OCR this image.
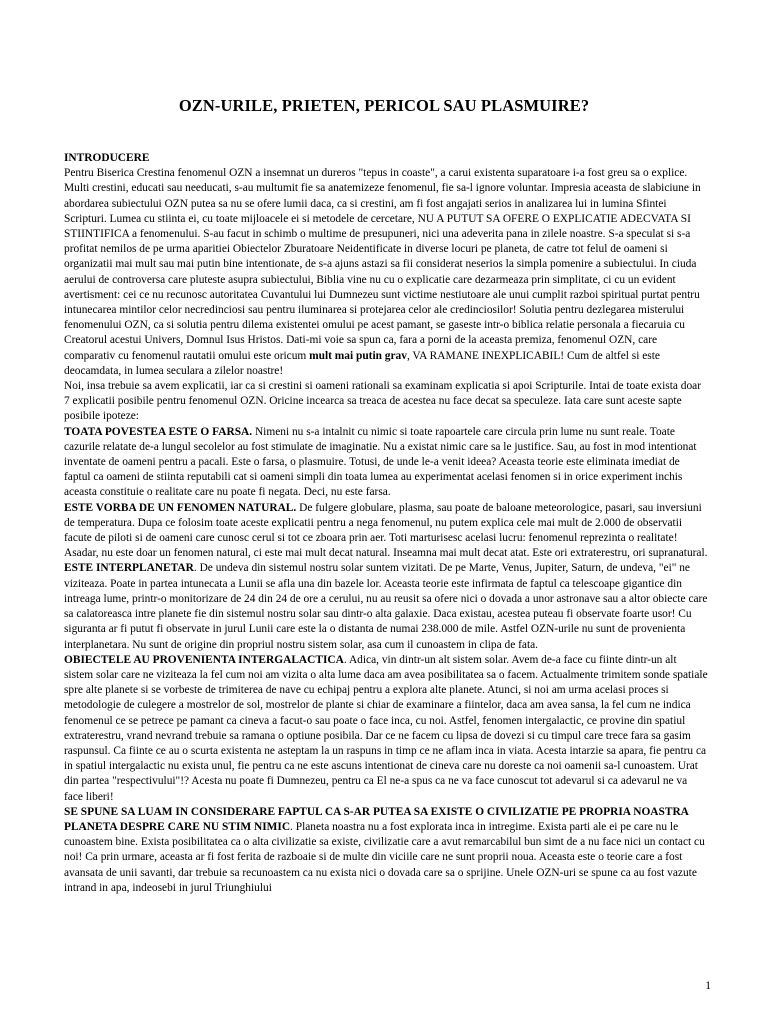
OZN-URILE, PRIETEN, PERICOL SAU PLASMUIRE?

INTRODUCERE

Pentru Biserica Crestina fenomenul OZN a insemnat un dureros "tepus in coaste", a carui existenta suparatoare i-a fost greu sa o explice. Multi crestini, educati sau needucati, s-au multumit fie sa anatemizeze fenomenul, fie sa-l ignore voluntar. Impresia aceasta de slabiciune in abordarea subiectului OZN putea sa nu se ofere lumii daca, ca si crestini, am fi fost angajati serios in analizarea lui in lumina Sfintei Scripturi. Lumea cu stiinta ei, cu toate mijloacele ei si metodele de cercetare, NU A PUTUT SA OFERE O EXPLICATIE ADECVATA SI STIINTIFICA a fenomenului. S-au facut in schimb o multime de presupuneri, nici una adeverita pana in zilele noastre. S-a speculat si s-a profitat nemilos de pe urma aparitiei Obiectelor Zburatoare Neidentificate in diverse locuri pe planeta, de catre tot felul de oameni si organizatii mai mult sau mai putin bine intentionate, de s-a ajuns astazi sa fii considerat neserios la simpla pomenire a subiectului. In ciuda aerului de controversa care pluteste asupra subiectului, Biblia vine nu cu o explicatie care dezarmeaza prin simplitate, ci cu un evident avertisment: cei ce nu recunosc autoritatea Cuvantului lui Dumnezeu sunt victime nestiutoare ale unui cumplit razboi spiritual purtat pentru intunecarea mintilor celor necredinciosi sau pentru iluminarea si protejarea celor ale credinciosilor! Solutia pentru dezlegarea misterului fenomenului OZN, ca si solutia pentru dilema existentei omului pe acest pamant, se gaseste intr-o biblica relatie personala a fiecaruia cu Creatorul acestui Univers, Domnul Isus Hristos. Dati-mi voie sa spun ca, fara a porni de la aceasta premiza, fenomenul OZN, care comparativ cu fenomenul rautatii omului este oricum mult mai putin grav, VA RAMANE INEXPLICABIL! Cum de altfel si este deocamdata, in lumea seculara a zilelor noastre!

Noi, insa trebuie sa avem explicatii, iar ca si crestini si oameni rationali sa examinam explicatia si apoi Scripturile. Intai de toate exista doar 7 explicatii posibile pentru fenomenul OZN. Oricine incearca sa treaca de acestea nu face decat sa speculeze. Iata care sunt aceste sapte posibile ipoteze:

TOATA POVESTEA ESTE O FARSA. Nimeni nu s-a intalnit cu nimic si toate rapoartele care circula prin lume nu sunt reale. Toate cazurile relatate de-a lungul secolelor au fost stimulate de imaginatie. Nu a existat nimic care sa le justifice. Sau, au fost in mod intentionat inventate de oameni pentru a pacali. Este o farsa, o plasmuire. Totusi, de unde le-a venit ideea? Aceasta teorie este eliminata imediat de faptul ca oameni de stiinta reputabili cat si oameni simpli din toata lumea au experimentat acelasi fenomen si in orice experiment inchis aceasta constituie o realitate care nu poate fi negata. Deci, nu este farsa.

ESTE VORBA DE UN FENOMEN NATURAL. De fulgere globulare, plasma, sau poate de baloane meteorologice, pasari, sau inversiuni de temperatura. Dupa ce folosim toate aceste explicatii pentru a nega fenomenul, nu putem explica cele mai mult de 2.000 de observatii facute de piloti si de oameni care cunosc cerul si tot ce zboara prin aer. Toti marturisesc acelasi lucru: fenomenul reprezinta o realitate!

Asadar, nu este doar un fenomen natural, ci este mai mult decat natural. Inseamna mai mult decat atat. Este ori extraterestru, ori supranatural.

ESTE INTERPLANETAR. De undeva din sistemul nostru solar suntem vizitati. De pe Marte, Venus, Jupiter, Saturn, de undeva, "ei" ne viziteaza. Poate in partea intunecata a Lunii se afla una din bazele lor. Aceasta teorie este infirmata de faptul ca telescoape gigantice din intreaga lume, printr-o monitorizare de 24 din 24 de ore a cerului, nu au reusit sa ofere nici o dovada a unor astronave sau a altor obiecte care sa calatoreasca intre planete fie din sistemul nostru solar sau dintr-o alta galaxie. Daca existau, acestea puteau fi observate foarte usor! Cu siguranta ar fi putut fi observate in jurul Lunii care este la o distanta de numai 238.000 de mile. Astfel OZN-urile nu sunt de provenienta interplanetara. Nu sunt de origine din propriul nostru sistem solar, asa cum il cunoastem in clipa de fata.

OBIECTELE AU PROVENIENTA INTERGALACTICA. Adica, vin dintr-un alt sistem solar. Avem de-a face cu fiinte dintr-un alt sistem solar care ne viziteaza la fel cum noi am vizita o alta lume daca am avea posibilitatea sa o facem. Actualmente trimitem sonde spatiale spre alte planete si se vorbeste de trimiterea de nave cu echipaj pentru a explora alte planete. Atunci, si noi am urma acelasi proces si metodologie de culegere a mostrelor de sol, mostrelor de plante si chiar de examinare a fiintelor, daca am avea sansa, la fel cum ne indica fenomenul ce se petrece pe pamant ca cineva a facut-o sau poate o face inca, cu noi. Astfel, fenomen intergalactic, ce provine din spatiul extraterestru, vrand nevrand trebuie sa ramana o optiune posibila. Dar ce ne facem cu lipsa de dovezi si cu timpul care trece fara sa gasim raspunsul. Ca fiinte ce au o scurta existenta ne asteptam la un raspuns in timp ce ne aflam inca in viata. Acesta intarzie sa apara, fie pentru ca in spatiul intergalactic nu exista unul, fie pentru ca ne este ascuns intentionat de cineva care nu doreste ca noi oamenii sa-l cunoastem. Urat din partea "respectivului"!? Acesta nu poate fi Dumnezeu, pentru ca El ne-a spus ca ne va face cunoscut tot adevarul si ca adevarul ne va face liberi!

SE SPUNE SA LUAM IN CONSIDERARE FAPTUL CA S-AR PUTEA SA EXISTE O CIVILIZATIE PE PROPRIA NOASTRA PLANETA DESPRE CARE NU STIM NIMIC. Planeta noastra nu a fost explorata inca in intregime. Exista parti ale ei pe care nu le cunoastem bine. Exista posibilitatea ca o alta civilizatie sa existe, civilizatie care a avut remarcabilul bun simt de a nu face nici un contact cu noi! Ca prin urmare, aceasta ar fi fost ferita de razboaie si de multe din viciile care ne sunt proprii noua. Aceasta este o teorie care a fost avansata de unii savanti, dar trebuie sa recunoastem ca nu exista nici o dovada care sa o sprijine. Unele OZN-uri se spune ca au fost vazute intrand in apa, indeosebi in jurul Triunghiului

1
